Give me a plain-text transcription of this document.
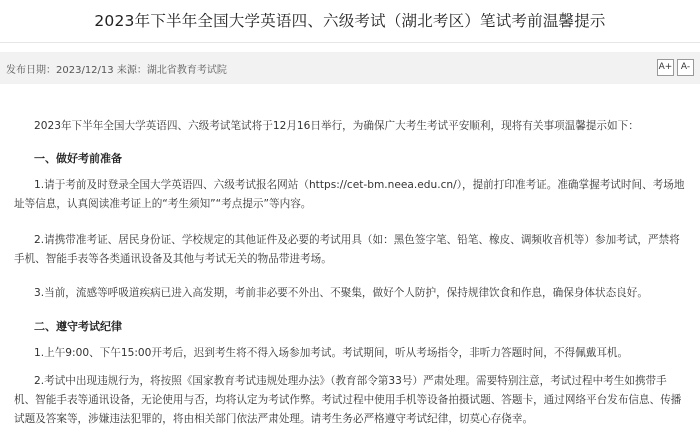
2023年下半年全国大学英语四、六级考试（湖北考区）笔试考前温馨提示
发布日期：2023/12/13 来源：湖北省教育考试院	A+ A-

2023年下半年全国大学英语四、六级考试笔试将于12月16日举行，为确保广大考生考试平安顺利，现将有关事项温馨提示如下：

一、做好考前准备

1.请于考前及时登录全国大学英语四、六级考试报名网站（https://cet-bm.neea.edu.cn/），提前打印准考证。准确掌握考试时间、考场地址等信息，认真阅读准考证上的“考生须知”“考点提示”等内容。

2.请携带准考证、居民身份证、学校规定的其他证件及必要的考试用具（如：黑色签字笔、铅笔、橡皮、调频收音机等）参加考试，严禁将手机、智能手表等各类通讯设备及其他与考试无关的物品带进考场。

3.当前，流感等呼吸道疾病已进入高发期，考前非必要不外出、不聚集，做好个人防护，保持规律饮食和作息，确保身体状态良好。

二、遵守考试纪律

1.上午9:00、下午15:00开考后，迟到考生将不得入场参加考试。考试期间，听从考场指令，非听力答题时间，不得佩戴耳机。

2.考试中出现违规行为，将按照《国家教育考试违规处理办法》（教育部令第33号）严肃处理。需要特别注意，考试过程中考生如携带手机、智能手表等通讯设备，无论使用与否，均将认定为考试作弊。考试过程中使用手机等设备拍摄试题、答题卡，通过网络平台发布信息、传播试题及答案等，涉嫌违法犯罪的，将由相关部门依法严肃处理。请考生务必严格遵守考试纪律，切莫心存侥幸。
